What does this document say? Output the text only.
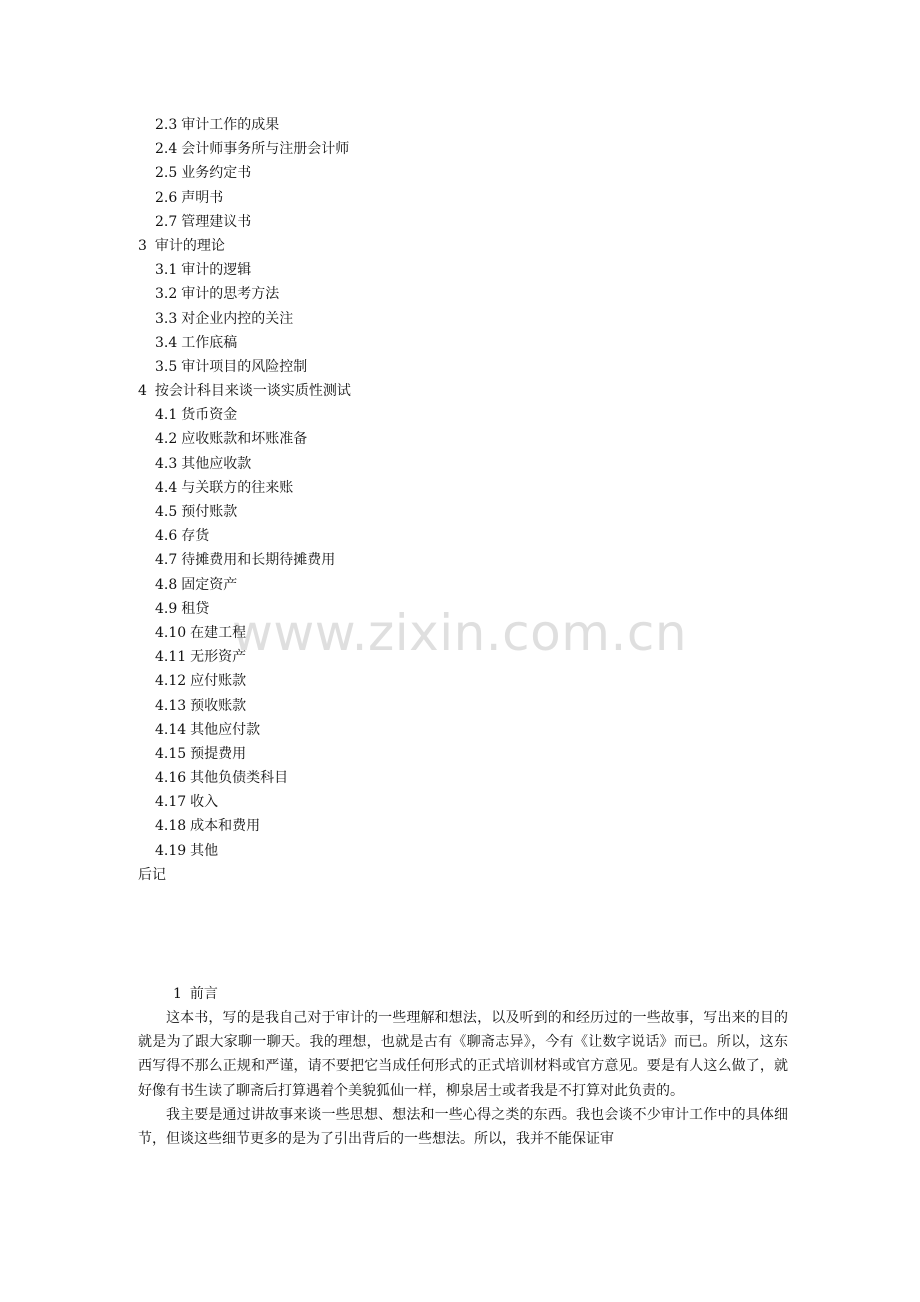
2.3 审计工作的成果
2.4 会计师事务所与注册会计师
2.5 业务约定书
2.6 声明书
2.7 管理建议书
3 审计的理论
3.1 审计的逻辑
3.2 审计的思考方法
3.3 对企业内控的关注
3.4 工作底稿
3.5 审计项目的风险控制
4 按会计科目来谈一谈实质性测试
4.1 货币资金
4.2 应收账款和坏账准备
4.3 其他应收款
4.4 与关联方的往来账
4.5 预付账款
4.6 存货
4.7 待摊费用和长期待摊费用
4.8 固定资产
4.9 租贷
4.10 在建工程
4.11 无形资产
4.12 应付账款
4.13 预收账款
4.14 其他应付款
4.15 预提费用
4.16 其他负债类科目
4.17 收入
4.18 成本和费用
4.19 其他
后记
www.zixin.com.cn
1 前言

这本书，写的是我自己对于审计的一些理解和想法，以及听到的和经历过的一些故事，写出来的目的就是为了跟大家聊一聊天。我的理想，也就是古有《聊斋志异》，今有《让数字说话》而已。所以，这东西写得不那么正规和严谨，请不要把它当成任何形式的正式培训材料或官方意见。要是有人这么做了，就好像有书生读了聊斋后打算遇着个美貌狐仙一样，柳泉居士或者我是不打算对此负责的。

我主要是通过讲故事来谈一些思想、想法和一些心得之类的东西。我也会谈不少审计工作中的具体细节，但谈这些细节更多的是为了引出背后的一些想法。所以，我并不能保证审
